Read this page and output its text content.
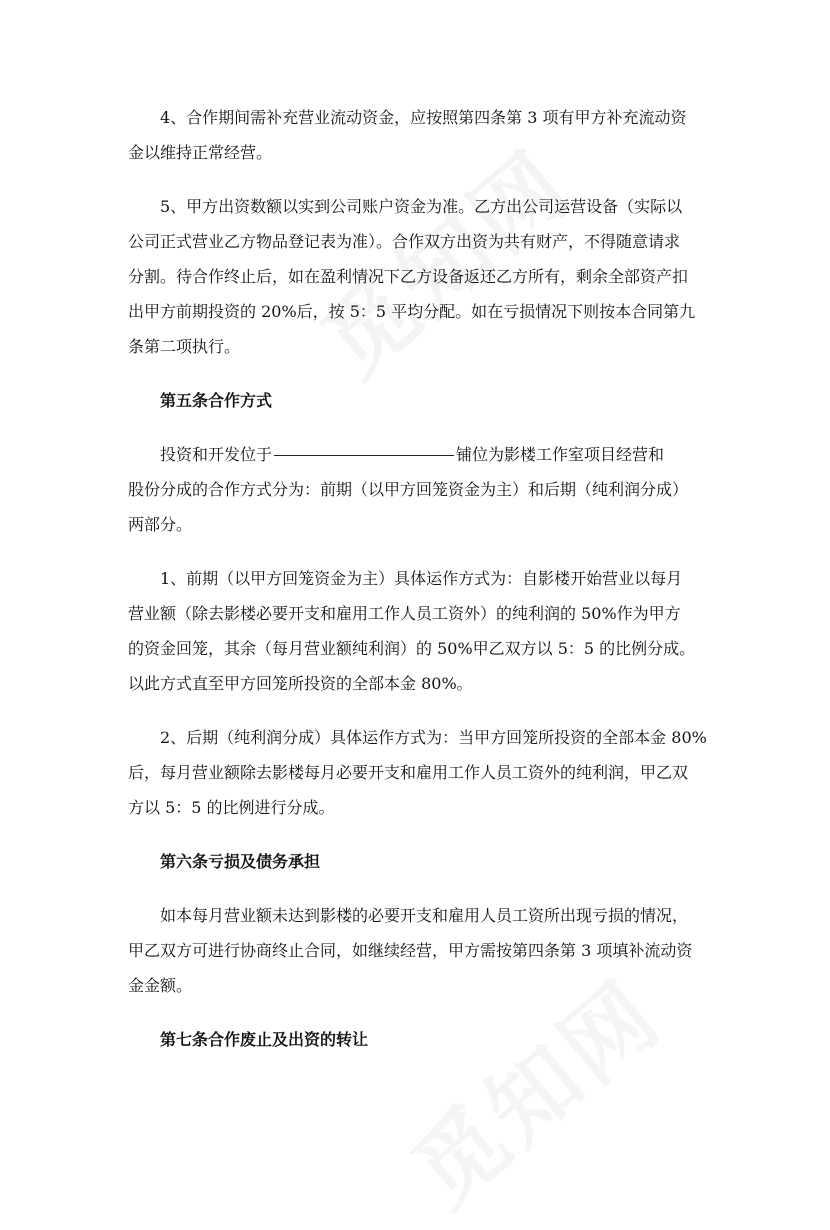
4、合作期间需补充营业流动资金，应按照第四条第 3 项有甲方补充流动资

金以维持正常经营。

5、甲方出资数额以实到公司账户资金为准。乙方出公司运营设备（实际以

公司正式营业乙方物品登记表为准）。合作双方出资为共有财产，不得随意请求

分割。待合作终止后，如在盈利情况下乙方设备返还乙方所有，剩余全部资产扣

出甲方前期投资的 20%后，按 5：5 平均分配。如在亏损情况下则按本合同第九

条第二项执行。

第五条合作方式

投资和开发位于	铺位为影楼工作室项目经营和

股份分成的合作方式分为：前期（以甲方回笼资金为主）和后期（纯利润分成）

两部分。

1、前期（以甲方回笼资金为主）具体运作方式为：自影楼开始营业以每月

营业额（除去影楼必要开支和雇用工作人员工资外）的纯利润的 50%作为甲方

的资金回笼，其余（每月营业额纯利润）的 50%甲乙双方以 5：5 的比例分成。

以此方式直至甲方回笼所投资的全部本金 80%。

2、后期（纯利润分成）具体运作方式为：当甲方回笼所投资的全部本金 80%

后，每月营业额除去影楼每月必要开支和雇用工作人员工资外的纯利润，甲乙双

方以 5：5 的比例进行分成。

第六条亏损及债务承担

如本每月营业额未达到影楼的必要开支和雇用人员工资所出现亏损的情况，

甲乙双方可进行协商终止合同，如继续经营，甲方需按第四条第 3 项填补流动资

金金额。

第七条合作废止及出资的转让
